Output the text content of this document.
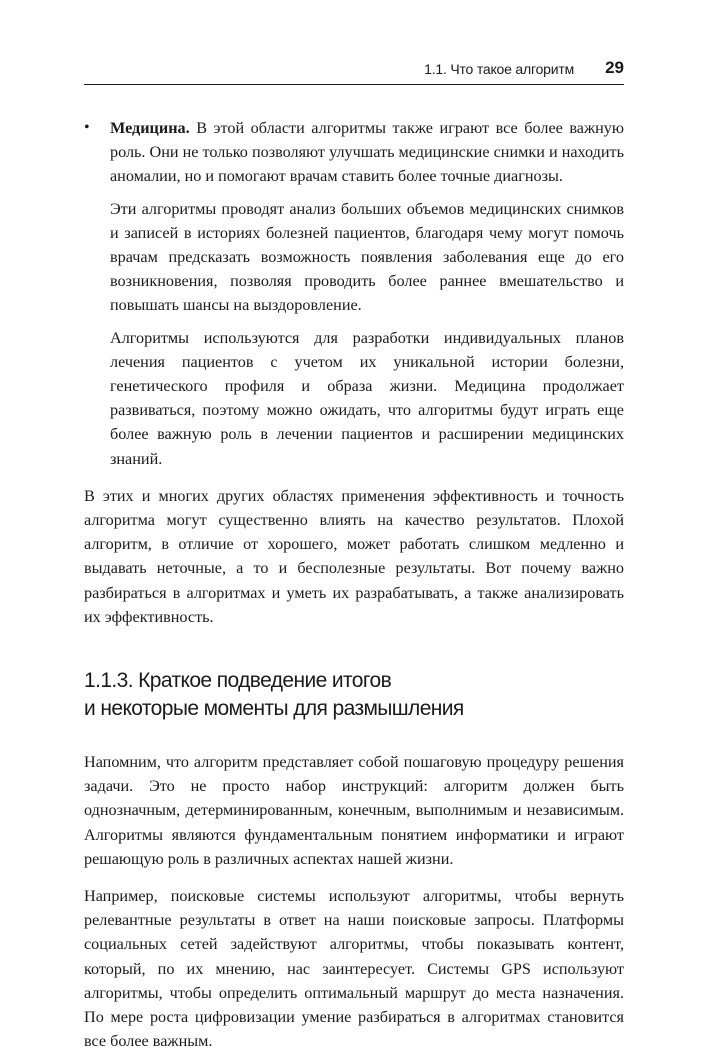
1.1. Что такое алгоритм 29
• Медицина. В этой области алгоритмы также играют все более важную роль. Они не только позволяют улучшать медицинские снимки и находить аномалии, но и помогают врачам ставить более точные диагнозы.

Эти алгоритмы проводят анализ больших объемов медицинских снимков и записей в историях болезней пациентов, благодаря чему могут помочь врачам предсказать возможность появления заболевания еще до его возникновения, позволяя проводить более раннее вмешательство и повышать шансы на выздоровление.

Алгоритмы используются для разработки индивидуальных планов лечения пациентов с учетом их уникальной истории болезни, генетического профиля и образа жизни. Медицина продолжает развиваться, поэтому можно ожидать, что алгоритмы будут играть еще более важную роль в лечении пациентов и расширении медицинских знаний.

В этих и многих других областях применения эффективность и точность алгоритма могут существенно влиять на качество результатов. Плохой алгоритм, в отличие от хорошего, может работать слишком медленно и выдавать неточные, а то и бесполезные результаты. Вот почему важно разбираться в алгоритмах и уметь их разрабатывать, а также анализировать их эффективность.

1.1.3. Краткое подведение итогов
и некоторые моменты для размышления

Напомним, что алгоритм представляет собой пошаговую процедуру решения задачи. Это не просто набор инструкций: алгоритм должен быть однозначным, детерминированным, конечным, выполнимым и независимым. Алгоритмы являются фундаментальным понятием информатики и играют решающую роль в различных аспектах нашей жизни.

Например, поисковые системы используют алгоритмы, чтобы вернуть релевантные результаты в ответ на наши поисковые запросы. Платформы социальных сетей задействуют алгоритмы, чтобы показывать контент, который, по их мнению, нас заинтересует. Системы GPS используют алгоритмы, чтобы определить оптимальный маршрут до места назначения. По мере роста цифровизации умение разбираться в алгоритмах становится все более важным.
